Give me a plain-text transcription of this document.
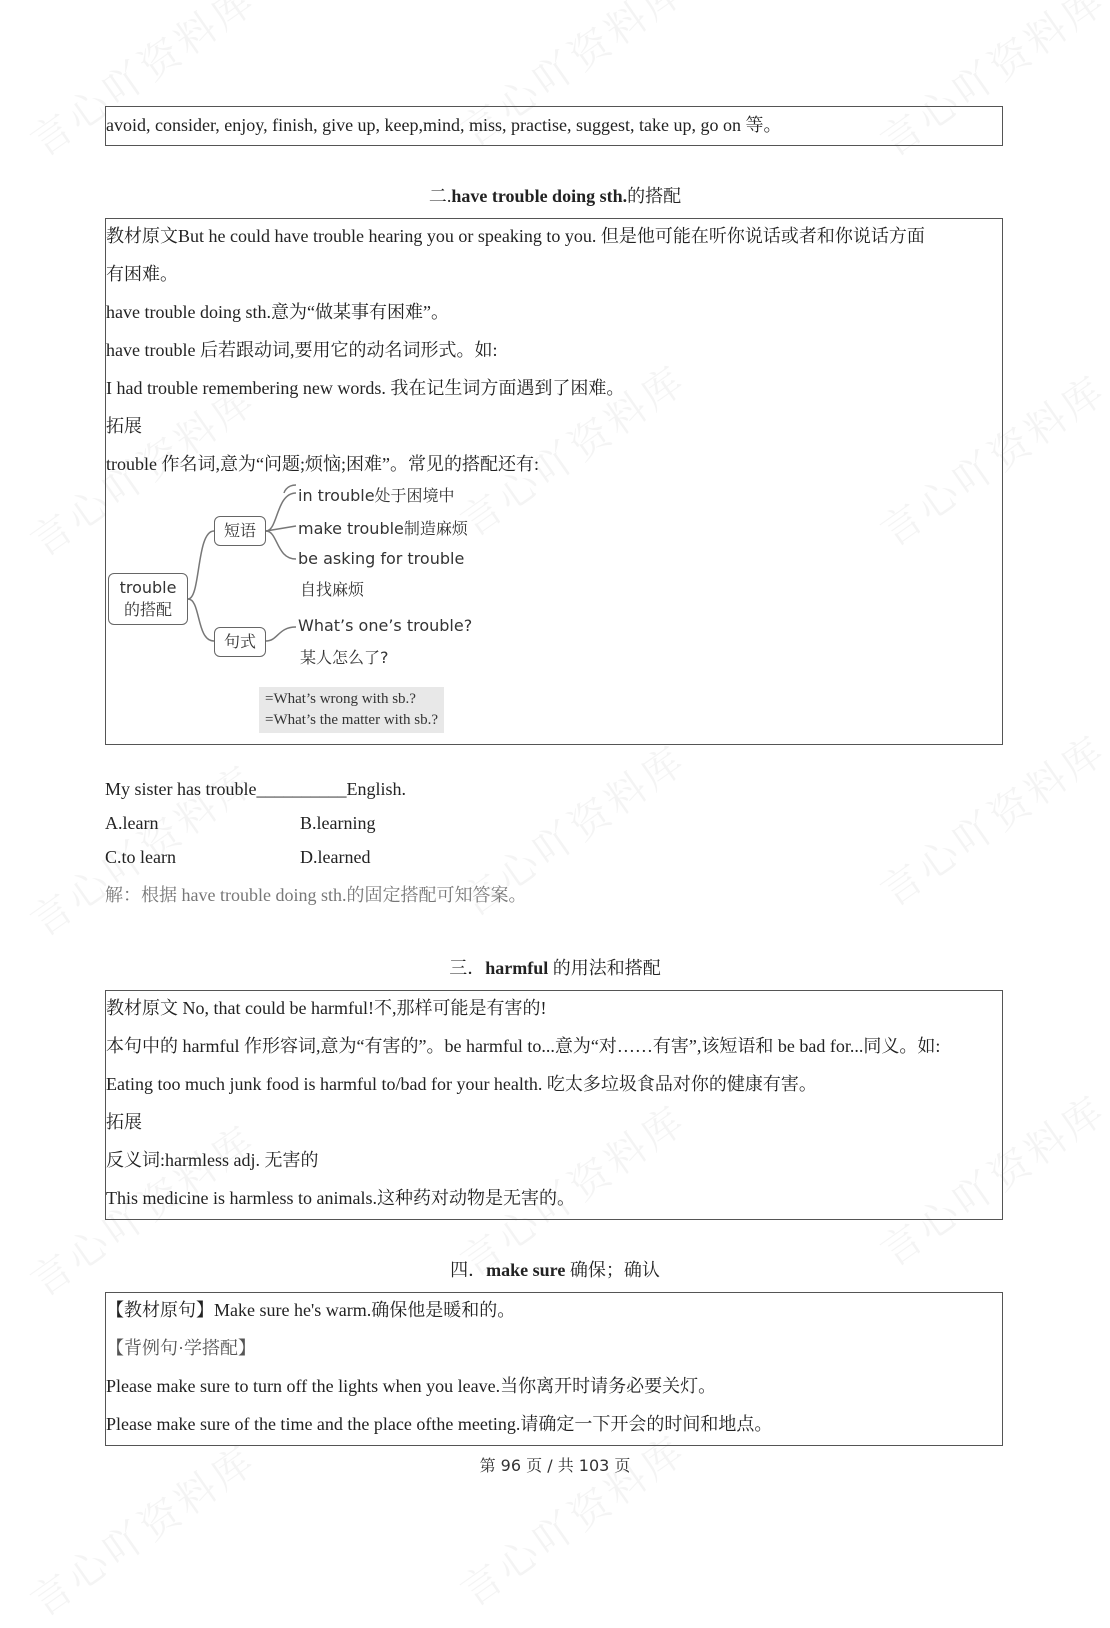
avoid, consider, enjoy, finish, give up, keep,mind, miss, practise, suggest, take up, go on 等。
二.have trouble doing sth.的搭配
教材原文But he could have trouble hearing you or speaking to you. 但是他可能在听你说话或者和你说话方面
有困难。
have trouble doing sth.意为“做某事有困难”。
have trouble 后若跟动词,要用它的动名词形式。如:
I had trouble remembering new words. 我在记生词方面遇到了困难。
拓展
trouble 作名词,意为“问题;烦恼;困难”。常见的搭配还有:
trouble
的搭配
短语
句式
in trouble处于困境中
make trouble制造麻烦
be asking for trouble
自找麻烦
What’s one’s trouble?
某人怎么了?
=What’s wrong with sb.?
=What’s the matter with sb.?
My sister has trouble__________English.
A.learn	B.learning
C.to learn	D.learned
解：根据 have trouble doing sth.的固定搭配可知答案。
三．harmful 的用法和搭配
教材原文 No, that could be harmful!不,那样可能是有害的!
本句中的 harmful 作形容词,意为“有害的”。be harmful to...意为“对……有害”,该短语和 be bad for...同义。如:
Eating too much junk food is harmful to/bad for your health. 吃太多垃圾食品对你的健康有害。
拓展
反义词:harmless adj. 无害的
This medicine is harmless to animals.这种药对动物是无害的。
四．make sure 确保；确认
【教材原句】Make sure he's warm.确保他是暖和的。
【背例句·学搭配】
Please make sure to turn off the lights when you leave.当你离开时请务必要关灯。
Please make sure of the time and the place ofthe meeting.请确定一下开会的时间和地点。
第 96 页 / 共 103 页
